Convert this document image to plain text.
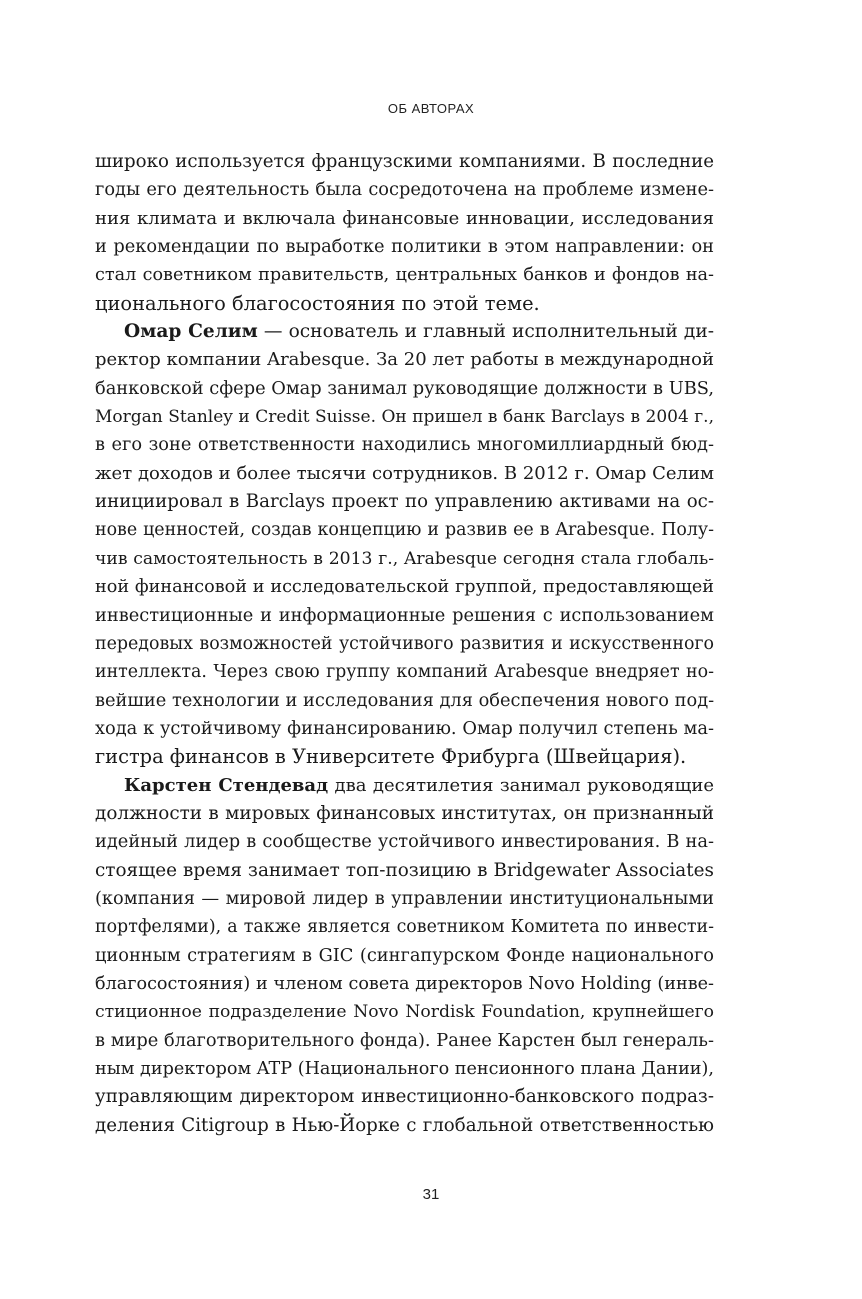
ОБ АВТОРАХ
широко используется французскими компаниями. В последние
годы его деятельность была сосредоточена на проблеме измене-
ния климата и включала финансовые инновации, исследования
и рекомендации по выработке политики в этом направлении: он
стал советником правительств, центральных банков и фондов на-
ционального благосостояния по этой теме.
Омар Селим — основатель и главный исполнительный ди-
ректор компании Arabesque. За 20 лет работы в международной
банковской сфере Омар занимал руководящие должности в UBS,
Morgan Stanley и Credit Suisse. Он пришел в банк Barclays в 2004 г.,
в его зоне ответственности находились многомиллиардный бюд-
жет доходов и более тысячи сотрудников. В 2012 г. Омар Селим
инициировал в Barclays проект по управлению активами на ос-
нове ценностей, создав концепцию и развив ее в Arabesque. Полу-
чив самостоятельность в 2013 г., Arabesque сегодня стала глобаль-
ной финансовой и исследовательской группой, предоставляющей
инвестиционные и информационные решения с использованием
передовых возможностей устойчивого развития и искусственного
интеллекта. Через свою группу компаний Arabesque внедряет но-
вейшие технологии и исследования для обеспечения нового под-
хода к устойчивому финансированию. Омар получил степень ма-
гистра финансов в Университете Фрибурга (Швейцария).
Карстен Стендевад два десятилетия занимал руководящие
должности в мировых финансовых институтах, он признанный
идейный лидер в сообществе устойчивого инвестирования. В на-
стоящее время занимает топ-позицию в Bridgewater Associates
(компания — мировой лидер в управлении институциональными
портфелями), а также является советником Комитета по инвести-
ционным стратегиям в GIC (сингапурском Фонде национального
благосостояния) и членом совета директоров Novo Holding (инве-
стиционное подразделение Novo Nordisk Foundation, крупнейшего
в мире благотворительного фонда). Ранее Карстен был генераль-
ным директором ATP (Национального пенсионного плана Дании),
управляющим директором инвестиционно-банковского подраз-
деления Citigroup в Нью-Йорке с глобальной ответственностью
31
